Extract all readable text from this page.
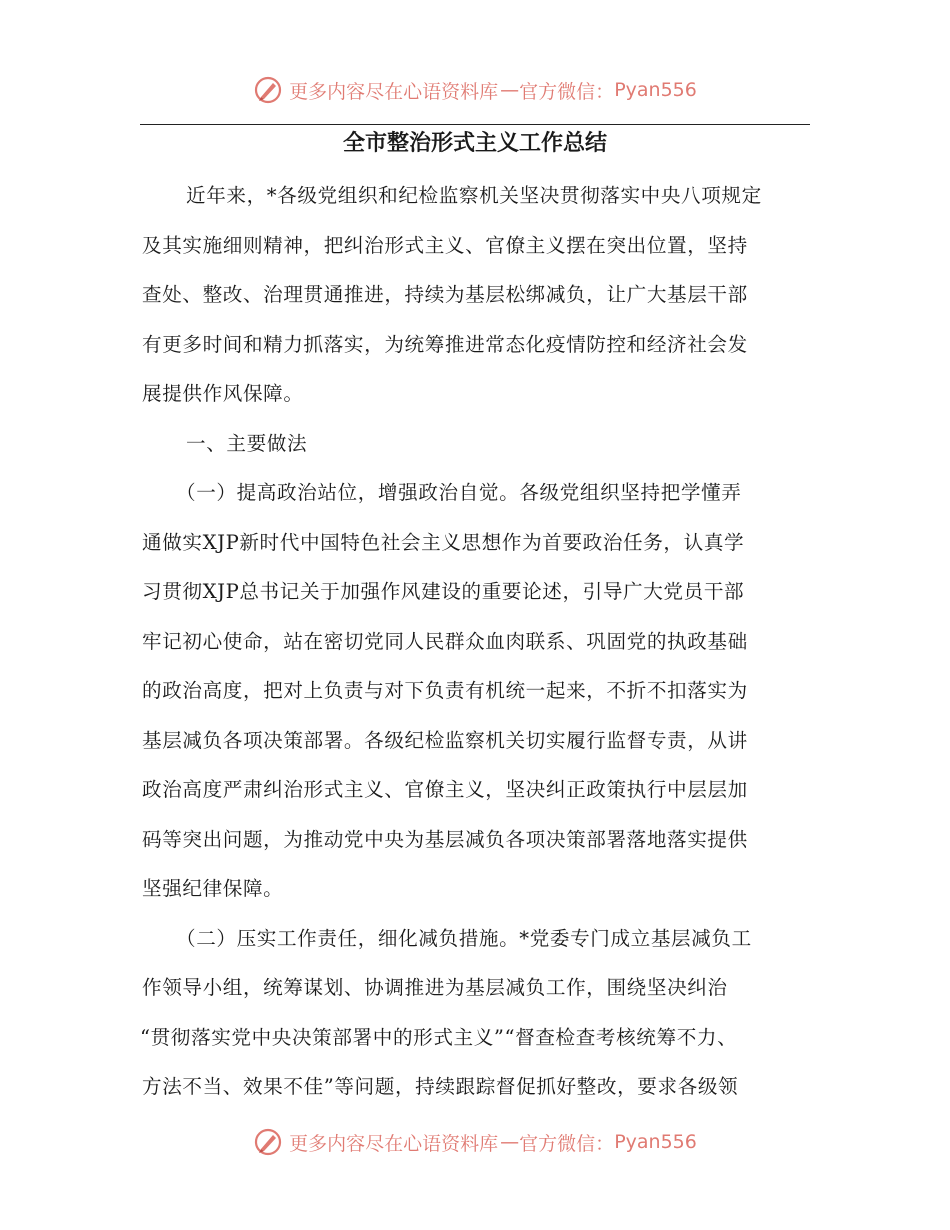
更多内容尽在心语资料库 — 官方微信： Pyan556
全市整治形式主义工作总结
近年来，*各级党组织和纪检监察机关坚决贯彻落实中央八项规定
及其实施细则精神，把纠治形式主义、官僚主义摆在突出位置，坚持
查处、整改、治理贯通推进，持续为基层松绑减负，让广大基层干部
有更多时间和精力抓落实，为统筹推进常态化疫情防控和经济社会发
展提供作风保障。
一、主要做法
（一）提高政治站位，增强政治自觉。各级党组织坚持把学懂弄
通做实XJP新时代中国特色社会主义思想作为首要政治任务，认真学
习贯彻XJP总书记关于加强作风建设的重要论述，引导广大党员干部
牢记初心使命，站在密切党同人民群众血肉联系、巩固党的执政基础
的政治高度，把对上负责与对下负责有机统一起来，不折不扣落实为
基层减负各项决策部署。各级纪检监察机关切实履行监督专责，从讲
政治高度严肃纠治形式主义、官僚主义，坚决纠正政策执行中层层加
码等突出问题，为推动党中央为基层减负各项决策部署落地落实提供
坚强纪律保障。
（二）压实工作责任，细化减负措施。*党委专门成立基层减负工
作领导小组，统筹谋划、协调推进为基层减负工作，围绕坚决纠治
“贯彻落实党中央决策部署中的形式主义”“督查检查考核统筹不力、
方法不当、效果不佳”等问题，持续跟踪督促抓好整改，要求各级领
更多内容尽在心语资料库 — 官方微信： Pyan556
